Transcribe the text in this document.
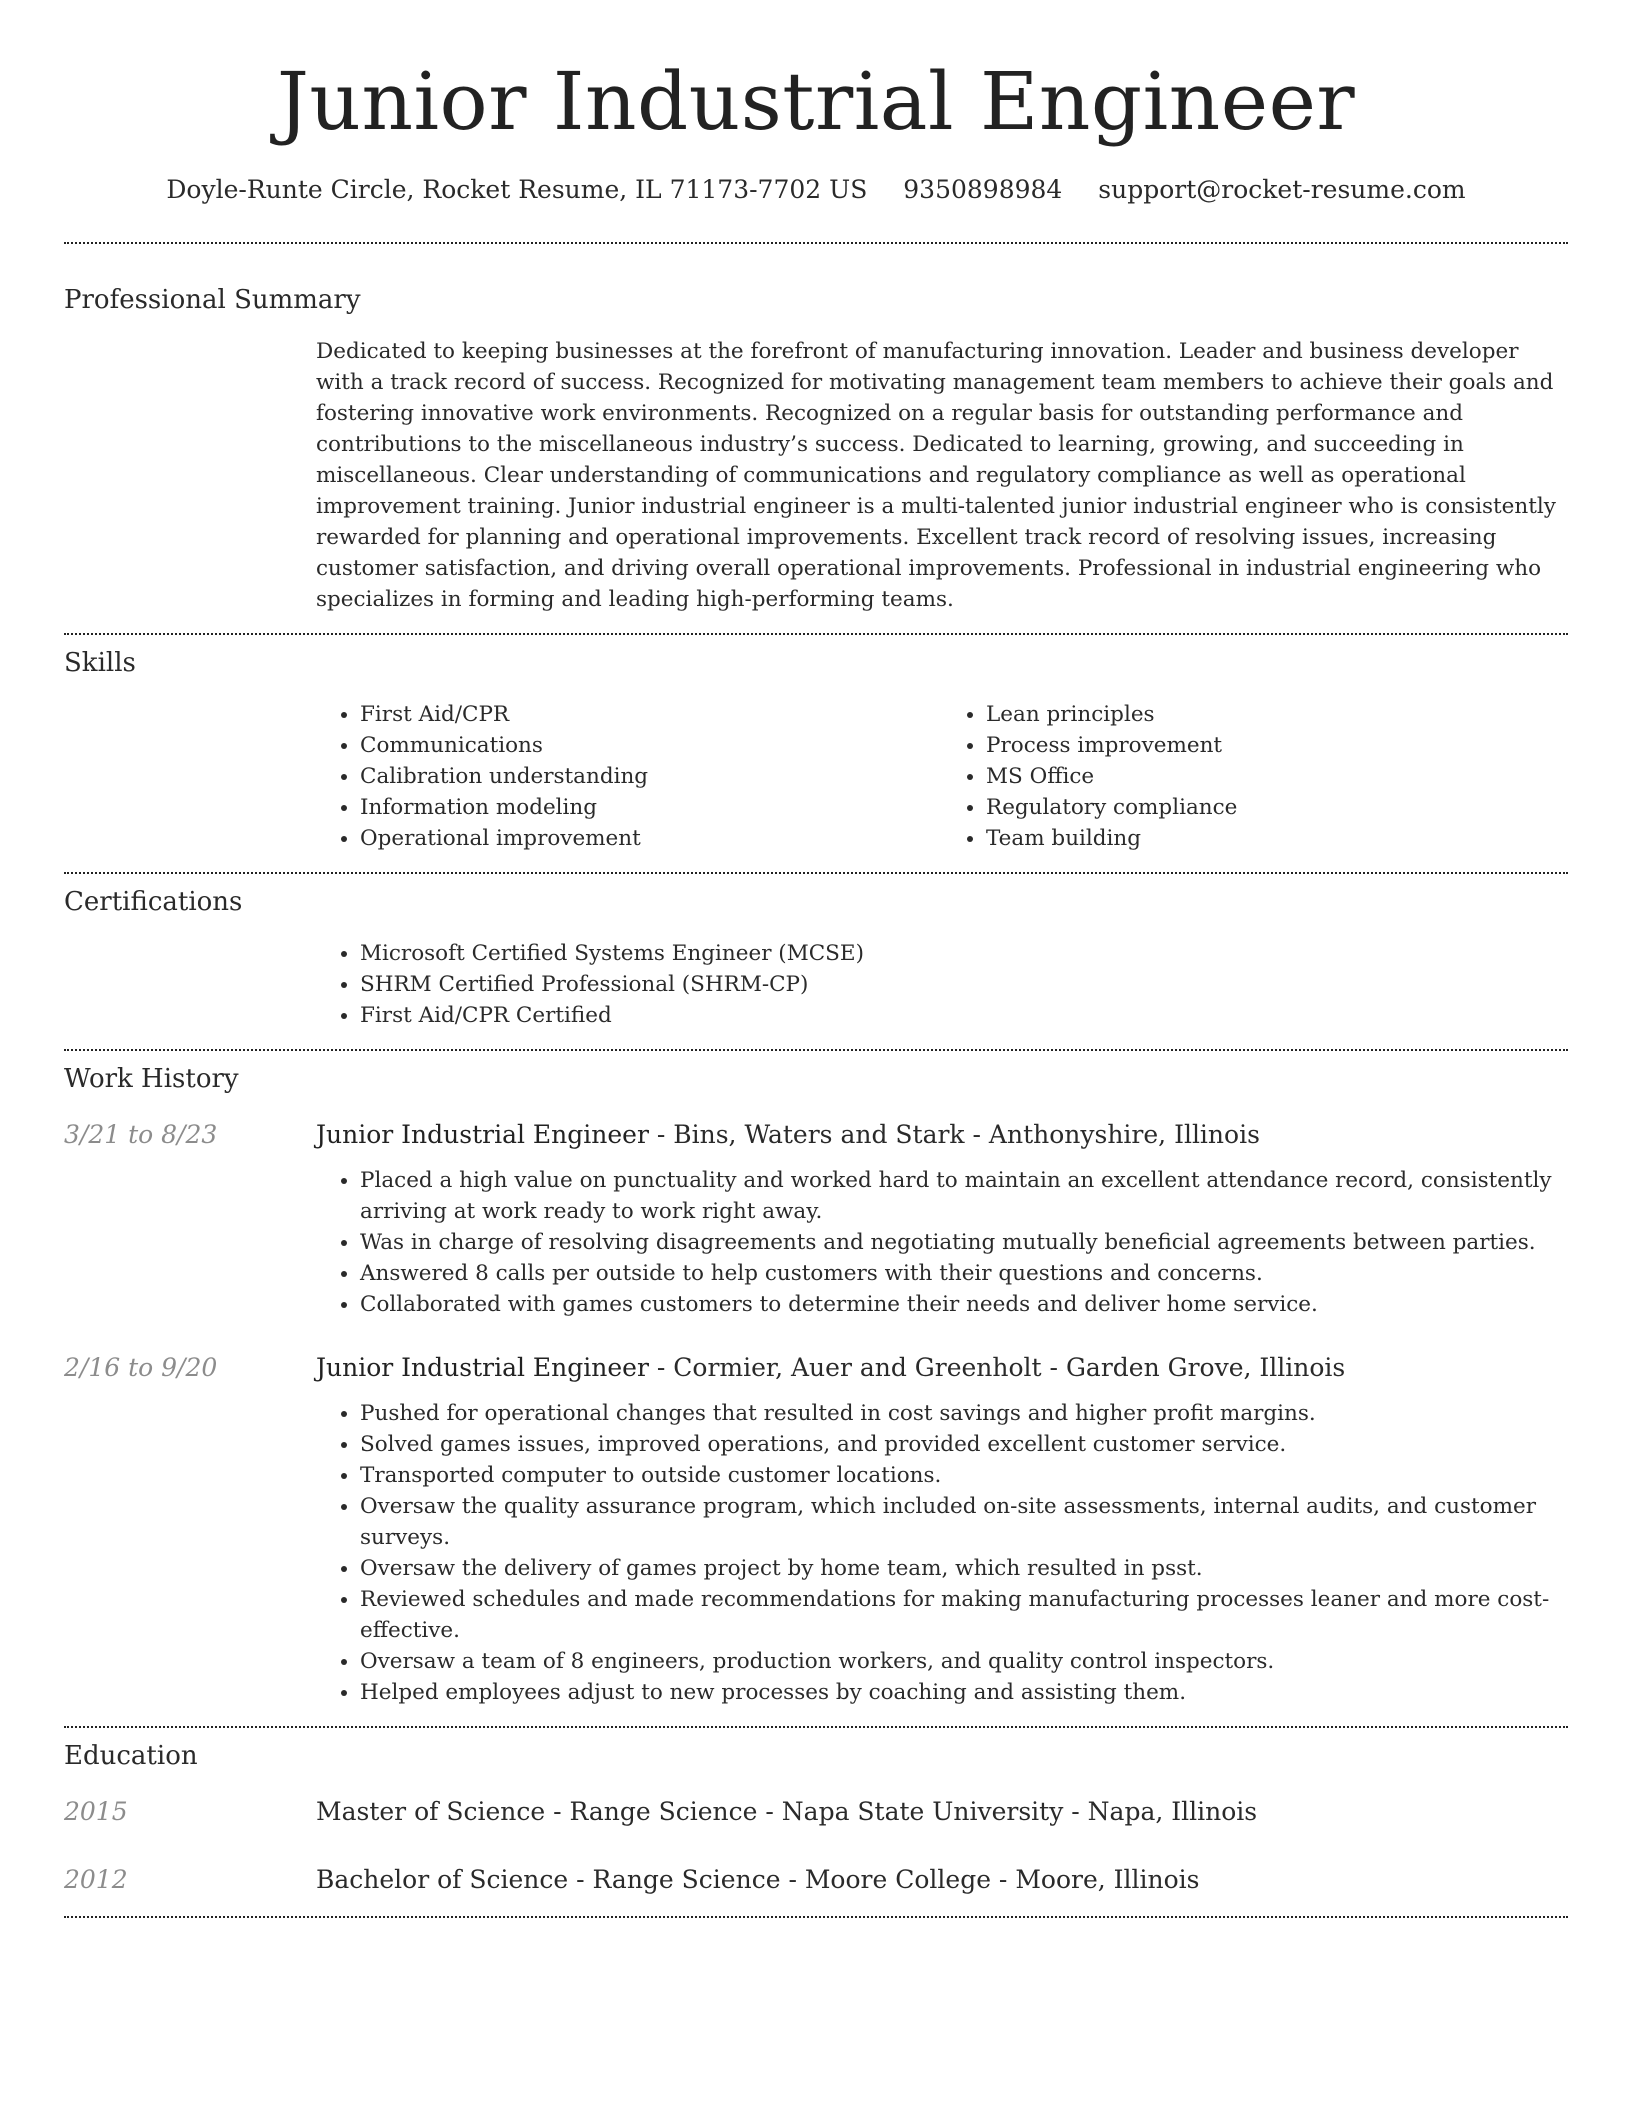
Junior Industrial Engineer
Doyle-Runte Circle, Rocket Resume, IL 71173-7702 US 9350898984 support@rocket-resume.com
Professional Summary

Dedicated to keeping businesses at the forefront of manufacturing innovation. Leader and business developer with a track record of success. Recognized for motivating management team members to achieve their goals and fostering innovative work environments. Recognized on a regular basis for outstanding performance and contributions to the miscellaneous industry’s success. Dedicated to learning, growing, and succeeding in miscellaneous. Clear understanding of communications and regulatory compliance as well as operational improvement training. Junior industrial engineer is a multi-talented junior industrial engineer who is consistently rewarded for planning and operational improvements. Excellent track record of resolving issues, increasing customer satisfaction, and driving overall operational improvements. Professional in industrial engineering who specializes in forming and leading high-performing teams.

Skills
• First Aid/CPR
• Communications
• Calibration understanding
• Information modeling
• Operational improvement
• Lean principles
• Process improvement
• MS Office
• Regulatory compliance
• Team building
Certifications
• Microsoft Certified Systems Engineer (MCSE)
• SHRM Certified Professional (SHRM-CP)
• First Aid/CPR Certified
Work History
3/21 to 8/23	Junior Industrial Engineer - Bins, Waters and Stark - Anthonyshire, Illinois
• Placed a high value on punctuality and worked hard to maintain an excellent attendance record, consistently arriving at work ready to work right away.
• Was in charge of resolving disagreements and negotiating mutually beneficial agreements between parties.
• Answered 8 calls per outside to help customers with their questions and concerns.
• Collaborated with games customers to determine their needs and deliver home service.
2/16 to 9/20	Junior Industrial Engineer - Cormier, Auer and Greenholt - Garden Grove, Illinois
• Pushed for operational changes that resulted in cost savings and higher profit margins.
• Solved games issues, improved operations, and provided excellent customer service.
• Transported computer to outside customer locations.
• Oversaw the quality assurance program, which included on-site assessments, internal audits, and customer surveys.
• Oversaw the delivery of games project by home team, which resulted in psst.
• Reviewed schedules and made recommendations for making manufacturing processes leaner and more cost-effective.
• Oversaw a team of 8 engineers, production workers, and quality control inspectors.
• Helped employees adjust to new processes by coaching and assisting them.
Education
2015	Master of Science - Range Science - Napa State University - Napa, Illinois
2012	Bachelor of Science - Range Science - Moore College - Moore, Illinois
